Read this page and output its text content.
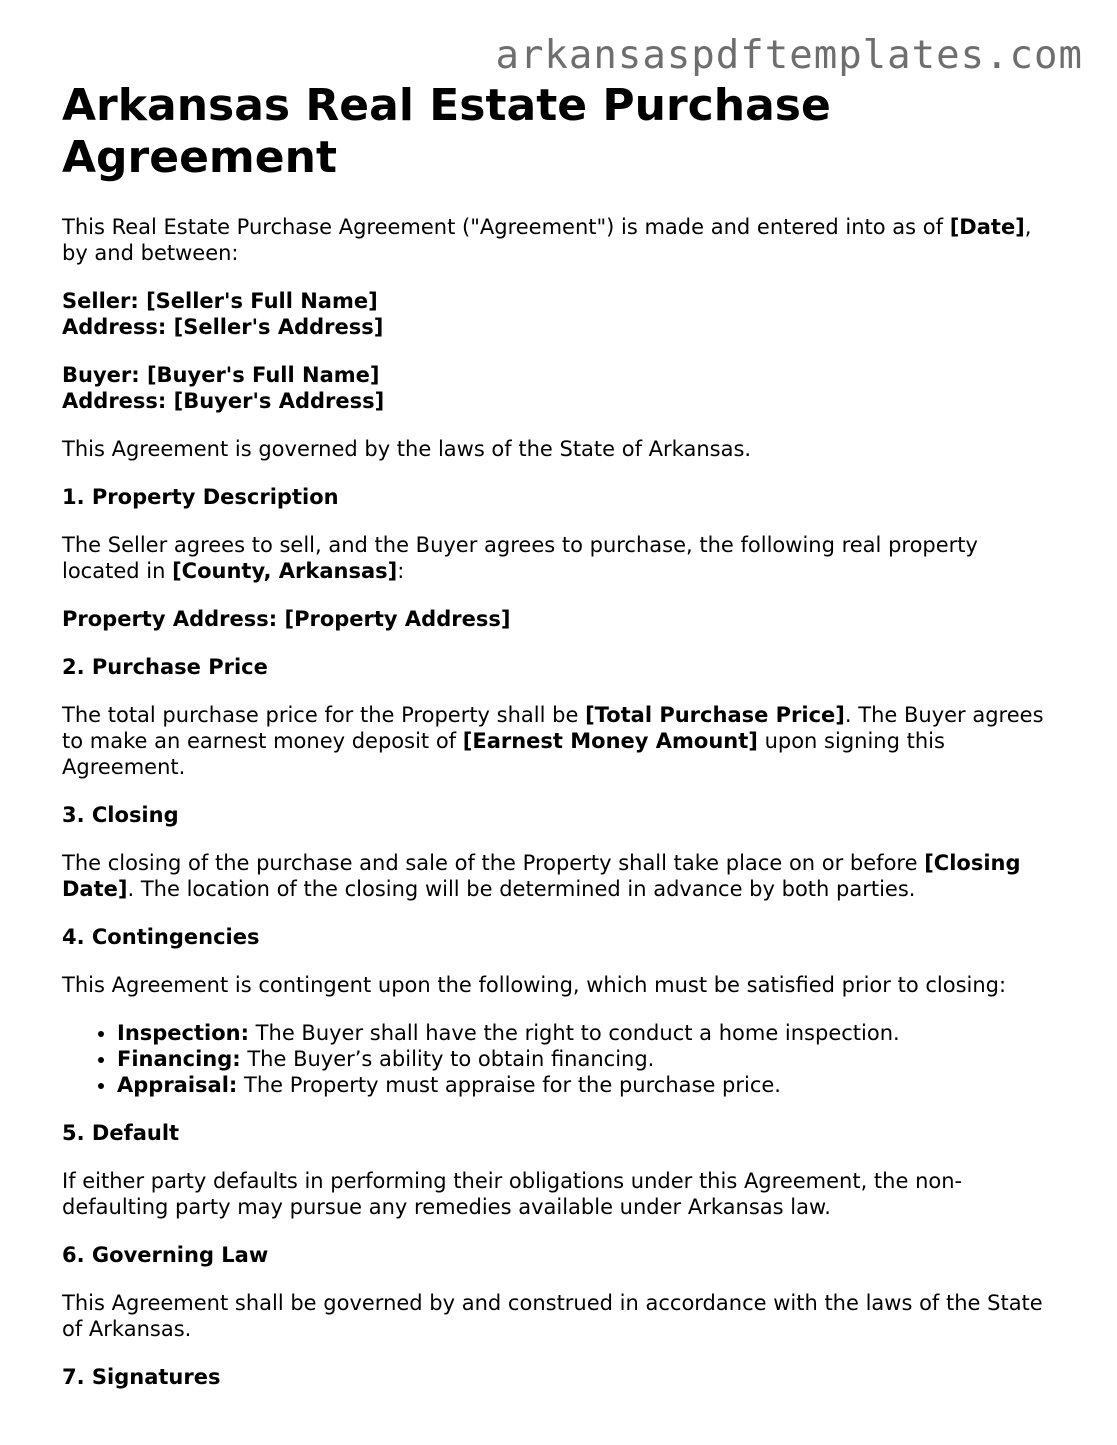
arkansaspdftemplates.com
Arkansas Real Estate Purchase Agreement

This Real Estate Purchase Agreement ("Agreement") is made and entered into as of [Date], by and between:

Seller: [Seller's Full Name]
Address: [Seller's Address]

Buyer: [Buyer's Full Name]
Address: [Buyer's Address]

This Agreement is governed by the laws of the State of Arkansas.

1. Property Description

The Seller agrees to sell, and the Buyer agrees to purchase, the following real property located in [County, Arkansas]:

Property Address: [Property Address]

2. Purchase Price

The total purchase price for the Property shall be [Total Purchase Price]. The Buyer agrees to make an earnest money deposit of [Earnest Money Amount] upon signing this Agreement.

3. Closing

The closing of the purchase and sale of the Property shall take place on or before [Closing Date]. The location of the closing will be determined in advance by both parties.

4. Contingencies

This Agreement is contingent upon the following, which must be satisfied prior to closing:

• Inspection: The Buyer shall have the right to conduct a home inspection.
• Financing: The Buyer’s ability to obtain financing.
• Appraisal: The Property must appraise for the purchase price.
5. Default

If either party defaults in performing their obligations under this Agreement, the non-defaulting party may pursue any remedies available under Arkansas law.

6. Governing Law

This Agreement shall be governed by and construed in accordance with the laws of the State of Arkansas.

7. Signatures
